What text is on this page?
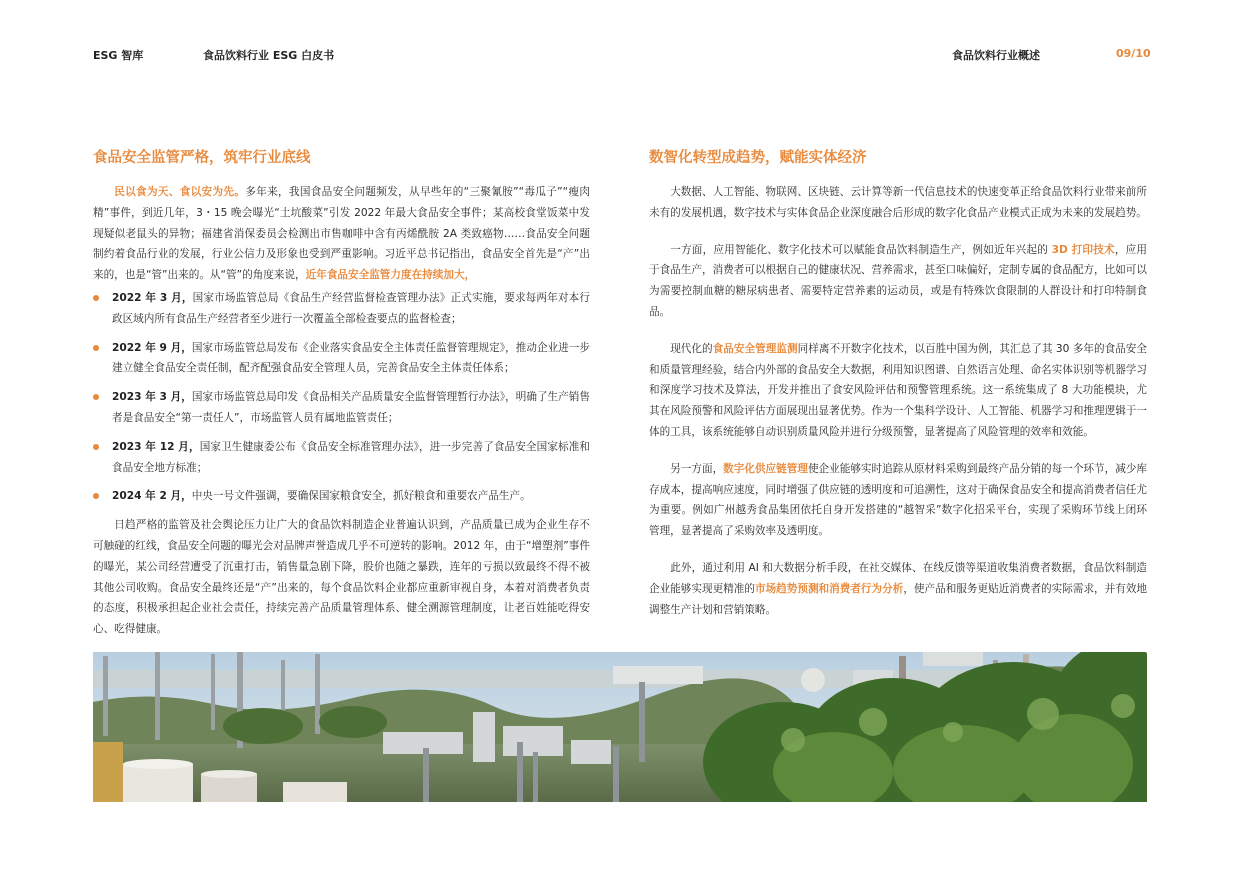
ESG 智库	食品饮料行业 ESG 白皮书	食品饮料行业概述	09/10
食品安全监管严格，筑牢行业底线

民以食为天、食以安为先。多年来，我国食品安全问题频发，从早些年的“三聚氰胺”“毒瓜子”“瘦肉精”事件，到近几年，3・15 晚会曝光“土坑酸菜”引发 2022 年最大食品安全事件；某高校食堂饭菜中发现疑似老鼠头的异物；福建省消保委员会检测出市售咖啡中含有丙烯酰胺 2A 类致癌物……食品安全问题制约着食品行业的发展，行业公信力及形象也受到严重影响。习近平总书记指出，食品安全首先是“产”出来的，也是“管”出来的。从“管”的角度来说，近年食品安全监管力度在持续加大，

2022 年 3 月，国家市场监管总局《食品生产经营监督检查管理办法》正式实施，要求每两年对本行政区域内所有食品生产经营者至少进行一次覆盖全部检查要点的监督检查；
2022 年 9 月，国家市场监管总局发布《企业落实食品安全主体责任监督管理规定》，推动企业进一步建立健全食品安全责任制，配齐配强食品安全管理人员，完善食品安全主体责任体系；
2023 年 3 月，国家市场监管总局印发《食品相关产品质量安全监督管理暂行办法》，明确了生产销售者是食品安全“第一责任人”，市场监管人员有属地监管责任；
2023 年 12 月，国家卫生健康委公布《食品安全标准管理办法》，进一步完善了食品安全国家标准和食品安全地方标准；
2024 年 2 月，中央一号文件强调，要确保国家粮食安全，抓好粮食和重要农产品生产。

日趋严格的监管及社会舆论压力让广大的食品饮料制造企业普遍认识到，产品质量已成为企业生存不可触碰的红线，食品安全问题的曝光会对品牌声誉造成几乎不可逆转的影响。2012 年，由于“增塑剂”事件的曝光，某公司经营遭受了沉重打击，销售量急剧下降，股价也随之暴跌，连年的亏损以致最终不得不被其他公司收购。食品安全最终还是“产”出来的，每个食品饮料企业都应重新审视自身，本着对消费者负责的态度，积极承担起企业社会责任，持续完善产品质量管理体系、健全溯源管理制度，让老百姓能吃得安心、吃得健康。

数智化转型成趋势，赋能实体经济

大数据、人工智能、物联网、区块链、云计算等新一代信息技术的快速变革正给食品饮料行业带来前所未有的发展机遇，数字技术与实体食品企业深度融合后形成的数字化食品产业模式正成为未来的发展趋势。

一方面，应用智能化、数字化技术可以赋能食品饮料制造生产，例如近年兴起的 3D 打印技术，应用于食品生产，消费者可以根据自己的健康状况、营养需求，甚至口味偏好，定制专属的食品配方，比如可以为需要控制血糖的糖尿病患者、需要特定营养素的运动员，或是有特殊饮食限制的人群设计和打印特制食品。

现代化的食品安全管理监测同样离不开数字化技术，以百胜中国为例，其汇总了其 30 多年的食品安全和质量管理经验，结合内外部的食品安全大数据，利用知识图谱、自然语言处理、命名实体识别等机器学习和深度学习技术及算法，开发并推出了食安风险评估和预警管理系统。这一系统集成了 8 大功能模块，尤其在风险预警和风险评估方面展现出显著优势。作为一个集科学设计、人工智能、机器学习和推理逻辑于一体的工具，该系统能够自动识别质量风险并进行分级预警，显著提高了风险管理的效率和效能。

另一方面，数字化供应链管理使企业能够实时追踪从原材料采购到最终产品分销的每一个环节，减少库存成本，提高响应速度，同时增强了供应链的透明度和可追溯性，这对于确保食品安全和提高消费者信任尤为重要。例如广州越秀食品集团依托自身开发搭建的“越智采”数字化招采平台，实现了采购环节线上闭环管理，显著提高了采购效率及透明度。

此外，通过利用 AI 和大数据分析手段，在社交媒体、在线反馈等渠道收集消费者数据，食品饮料制造企业能够实现更精准的市场趋势预测和消费者行为分析，使产品和服务更贴近消费者的实际需求，并有效地调整生产计划和营销策略。
